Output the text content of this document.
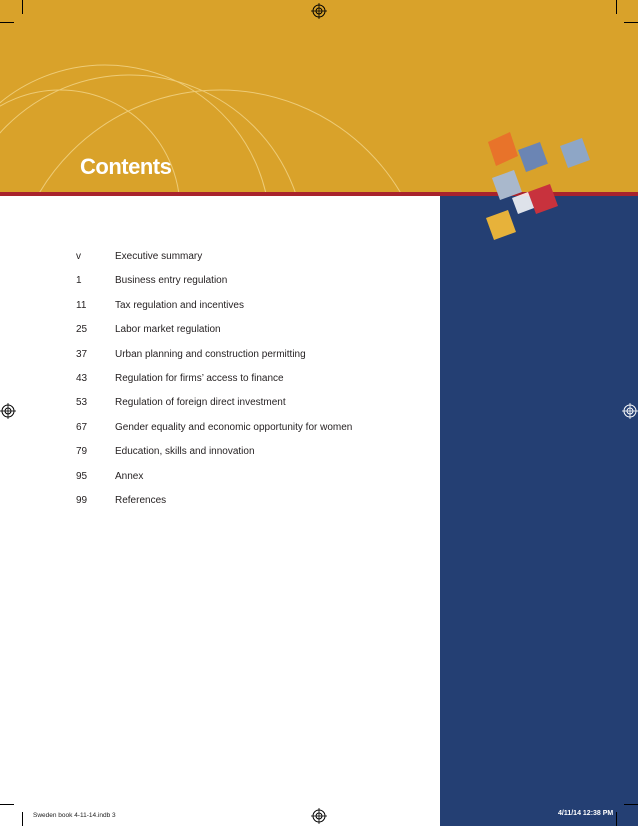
Contents
v	Executive summary
1	Business entry regulation
11	Tax regulation and incentives
25	Labor market regulation
37	Urban planning and construction permitting
43	Regulation for firms’ access to finance
53	Regulation of foreign direct investment
67	Gender equality and economic opportunity for women
79	Education, skills and innovation
95	Annex
99	References
Sweden book 4-11-14.indb 3	4/11/14 12:38 PM
